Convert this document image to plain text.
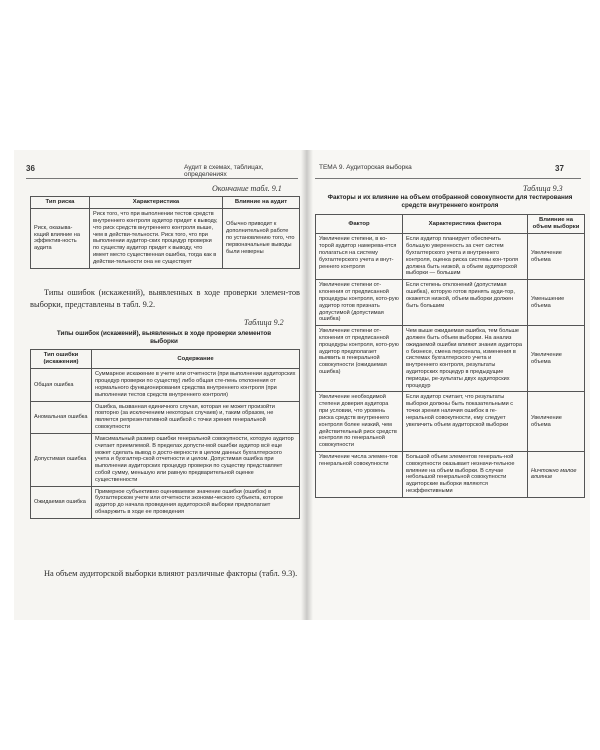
36	Аудит в схемах, таблицах, определениях
Окончание табл. 9.1
Тип риска	Характеристика	Влияние на аудит
Риск, оказыва-ющий влияние на эффектив-ность аудита	Риск того, что при выполнении тестов средств внутреннего контроля аудитор придет к выводу, что риск средств внутреннего контроля выше, чем в действи-тельности. Риск того, что при выполнении аудитор-ских процедур проверки по существу аудитор придет к выводу, что имеет место существенная ошибка, тогда как в действи-тельности она не существует	Обычно приводит к дополнительной работе по установлению того, что первоначальные выводы были неверны
Типы ошибок (искажений), выявленных в ходе проверки элемен-тов выборки, представлены в табл. 9.2.
Таблица 9.2
Типы ошибок (искажений), выявленных в ходе проверки элементов выборки
Тип ошибки (искажения)	Содержание
Общая ошибка	Суммарное искажение в учете или отчетности (при выполнении аудиторских процедур проверки по существу) либо общая сте-пень отклонения от нормального функционирования средства внутреннего контроля (при выполнении тестов средств внутреннего контроля)
Аномальная ошибка	Ошибка, вызванная единичного случая, которая не может произойти повторно (за исключением некоторых случаев) и, таким образом, не является репрезентативной ошибкой с точки зрения генеральной совокупности
Допустимая ошибка	Максимальный размер ошибки генеральной совокупности, которую аудитор считает приемлемой. В пределах допусти-мой ошибки аудитор всё еще может сделать вывод о досто-верности в целом данных бухгалтерского учета и бухгалтер-ской отчетности и целом. Допустимая ошибка при выполнении аудиторских процедур проверки по существу представляет собой сумму, меньшую или равную предварительной оценке существенности
Ожидаемая ошибка	Примерное субъективно оцениваемое значение ошибки (ошибок) в бухгалтерском учете или отчетности экономи-ческого субъекта, которое аудитор до начала проведения аудиторской выборки предполагает обнаружить в ходе ее проведения
На объем аудиторской выборки влияют различные факторы (табл. 9.3).
ТЕМА 9. Аудиторская выборка	37
Таблица 9.3
Факторы и их влияние на объем отобранной совокупности для тестирования средств внутреннего контроля
Фактор	Характеристика фактора	Влияние на объем выборки
Увеличение степени, в ко-торой аудитор намерева-ется полагаться на систему бухгалтерского учета и внут-реннего контроля	Если аудитор планирует обеспечить большую уверенность за счет систем бухгалтерского учета и внутреннего контроля, оценка риска системы кон-троля должна быть низкой, а объем аудиторской выборки — большим	Увеличение объема
Увеличение степени от-клонения от предписанной процедуры контроля, кото-рую аудитор готов признать допустимой (допустимая ошибка)	Если степень отклонений (допустимая ошибка), которую готов принять ауди-тор, окажется низкой, объем выборки должен быть большим	Уменьшение объема
Увеличение степени от-клонения от предписанной процедуры контроля, кото-рую аудитор предполагает выявить в генеральной совокупности (ожидаемая ошибка)	Чем выше ожидаемая ошибка, тем больше должен быть объем выборки. На анализ ожидаемой ошибки влияют знания аудитора о бизнесе, смена персонала, изменения в системах бухгалтерского учета и внутреннего контроля, результаты аудиторских процедур в предыдущие периоды, ре-зультаты двух аудиторских процедур	Увеличение объема
Увеличение необходимой степени доверия аудитора при условии, что уровень риска средств внутреннего контроля более низкий, чем действительный риск средств контроля по генеральной совокупности	Если аудитор считает, что результаты выборки должны быть показательными с точки зрения наличия ошибок в ге-неральной совокупности, ему следует увеличить объем аудиторской выборки	Увеличение объема
Увеличение числа элемен-тов генеральной совокупности	Большой объем элементов генераль-ной совокупности оказывает незначи-тельное влияние на объем выборки. В случае небольшой генеральной совокупности аудиторские выборки являются неэффективными	Ничтожно малое влияние
